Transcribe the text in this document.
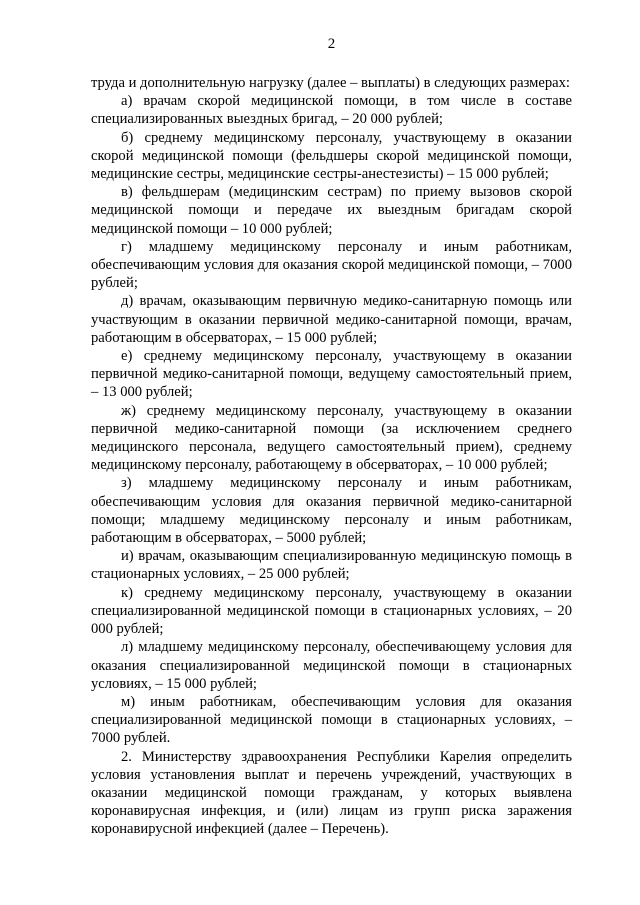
2

труда и дополнительную нагрузку (далее – выплаты) в следующих размерах:

а) врачам скорой медицинской помощи, в том числе в составе специализированных выездных бригад, – 20 000 рублей;

б) среднему медицинскому персоналу, участвующему в оказании скорой медицинской помощи (фельдшеры скорой медицинской помощи, медицинские сестры, медицинские сестры-анестезисты) – 15 000 рублей;

в) фельдшерам (медицинским сестрам) по приему вызовов скорой медицинской помощи и передаче их выездным бригадам скорой медицинской помощи – 10 000 рублей;

г) младшему медицинскому персоналу и иным работникам, обеспечивающим условия для оказания скорой медицинской помощи, – 7000 рублей;

д) врачам, оказывающим первичную медико-санитарную помощь или участвующим в оказании первичной медико-санитарной помощи, врачам, работающим в обсерваторах, – 15 000 рублей;

е) среднему медицинскому персоналу, участвующему в оказании первичной медико-санитарной помощи, ведущему самостоятельный прием, – 13 000 рублей;

ж) среднему медицинскому персоналу, участвующему в оказании первичной медико-санитарной помощи (за исключением среднего медицинского персонала, ведущего самостоятельный прием), среднему медицинскому персоналу, работающему в обсерваторах, – 10 000 рублей;

з) младшему медицинскому персоналу и иным работникам, обеспечивающим условия для оказания первичной медико-санитарной помощи; младшему медицинскому персоналу и иным работникам, работающим в обсерваторах, – 5000 рублей;

и) врачам, оказывающим специализированную медицинскую помощь в стационарных условиях, – 25 000 рублей;

к) среднему медицинскому персоналу, участвующему в оказании специализированной медицинской помощи в стационарных условиях, – 20 000 рублей;

л) младшему медицинскому персоналу, обеспечивающему условия для оказания специализированной медицинской помощи в стационарных условиях, – 15 000 рублей;

м) иным работникам, обеспечивающим условия для оказания специализированной медицинской помощи в стационарных условиях, – 7000 рублей.

2. Министерству здравоохранения Республики Карелия определить условия установления выплат и перечень учреждений, участвующих в оказании медицинской помощи гражданам, у которых выявлена коронавирусная инфекция, и (или) лицам из групп риска заражения коронавирусной инфекцией (далее – Перечень).
